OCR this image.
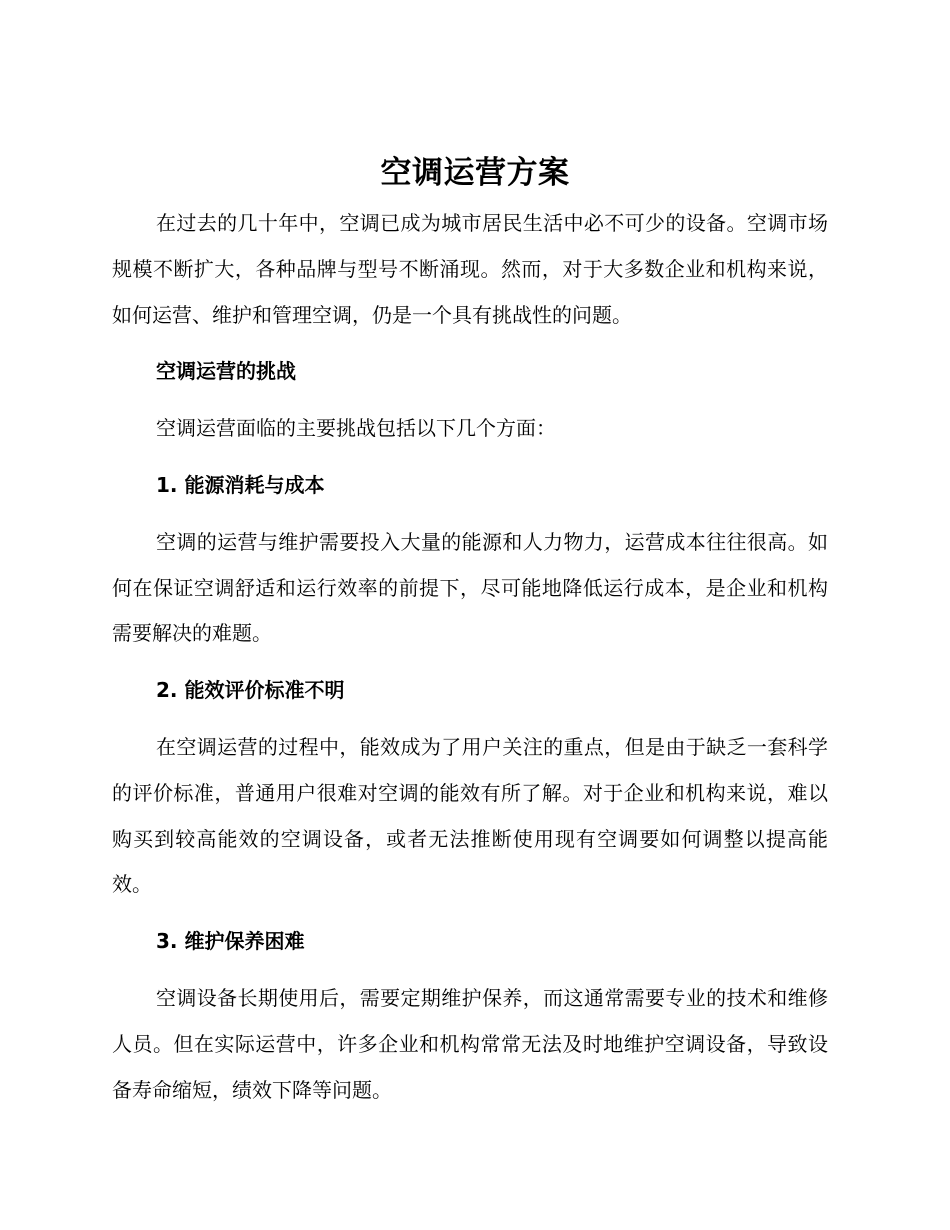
空调运营方案

在过去的几十年中，空调已成为城市居民生活中必不可少的设备。空调市场规模不断扩大，各种品牌与型号不断涌现。然而，对于大多数企业和机构来说，如何运营、维护和管理空调，仍是一个具有挑战性的问题。

空调运营的挑战

空调运营面临的主要挑战包括以下几个方面：

1. 能源消耗与成本

空调的运营与维护需要投入大量的能源和人力物力，运营成本往往很高。如何在保证空调舒适和运行效率的前提下，尽可能地降低运行成本，是企业和机构需要解决的难题。

2. 能效评价标准不明

在空调运营的过程中，能效成为了用户关注的重点，但是由于缺乏一套科学的评价标准，普通用户很难对空调的能效有所了解。对于企业和机构来说，难以购买到较高能效的空调设备，或者无法推断使用现有空调要如何调整以提高能效。

3. 维护保养困难

空调设备长期使用后，需要定期维护保养，而这通常需要专业的技术和维修人员。但在实际运营中，许多企业和机构常常无法及时地维护空调设备，导致设备寿命缩短，绩效下降等问题。
